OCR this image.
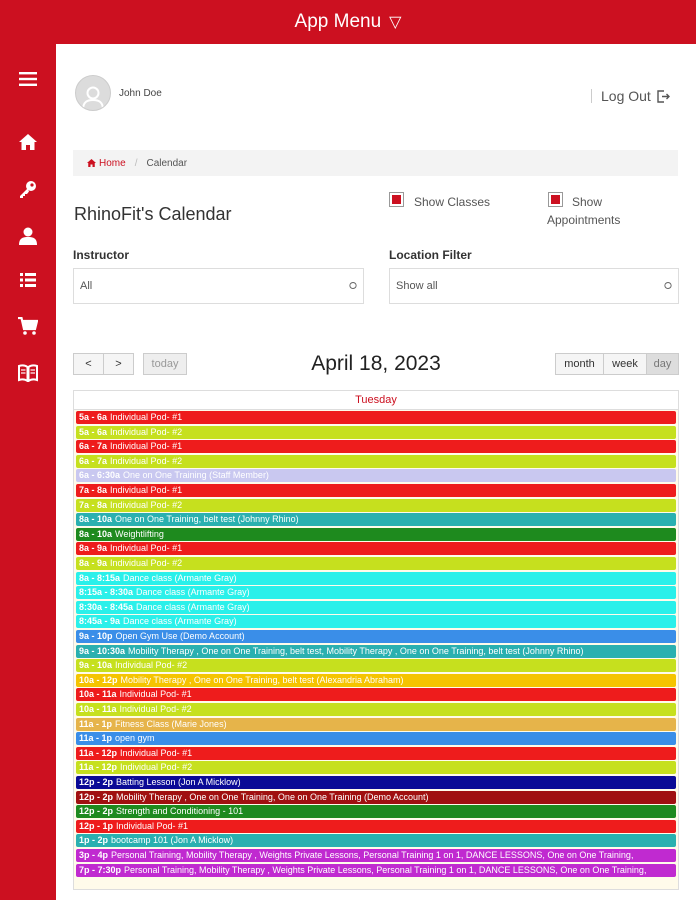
App Menu ▽
John Doe	Log Out
Home / Calendar
RhinoFit's Calendar
Show Classes	Show
Appointments
Instructor
All	⭘
Location Filter
Show all	⭘
< >	today	April 18, 2023	month week day
Tuesday
5a - 6a Individual Pod- #1
5a - 6a Individual Pod- #2
6a - 7a Individual Pod- #1
6a - 7a Individual Pod- #2
6a - 6:30a One on One Training (Staff Member)
7a - 8a Individual Pod- #1
7a - 8a Individual Pod- #2
8a - 10a One on One Training, belt test (Johnny Rhino)
8a - 10a Weightlifting
8a - 9a Individual Pod- #1
8a - 9a Individual Pod- #2
8a - 8:15a Dance class (Armante Gray)
8:15a - 8:30a Dance class (Armante Gray)
8:30a - 8:45a Dance class (Armante Gray)
8:45a - 9a Dance class (Armante Gray)
9a - 10p Open Gym Use (Demo Account)
9a - 10:30a Mobility Therapy , One on One Training, belt test, Mobility Therapy , One on One Training, belt test (Johnny Rhino)
9a - 10a Individual Pod- #2
10a - 12p Mobility Therapy , One on One Training, belt test (Alexandria Abraham)
10a - 11a Individual Pod- #1
10a - 11a Individual Pod- #2
11a - 1p Fitness Class (Marie Jones)
11a - 1p open gym
11a - 12p Individual Pod- #1
11a - 12p Individual Pod- #2
12p - 2p Batting Lesson (Jon A Micklow)
12p - 2p Mobility Therapy , One on One Training, One on One Training (Demo Account)
12p - 2p Strength and Conditioning - 101
12p - 1p Individual Pod- #1
1p - 2p bootcamp 101 (Jon A Micklow)
3p - 4p Personal Training, Mobility Therapy , Weights Private Lessons, Personal Training 1 on 1, DANCE LESSONS, One on One Training,
7p - 7:30p Personal Training, Mobility Therapy , Weights Private Lessons, Personal Training 1 on 1, DANCE LESSONS, One on One Training,
